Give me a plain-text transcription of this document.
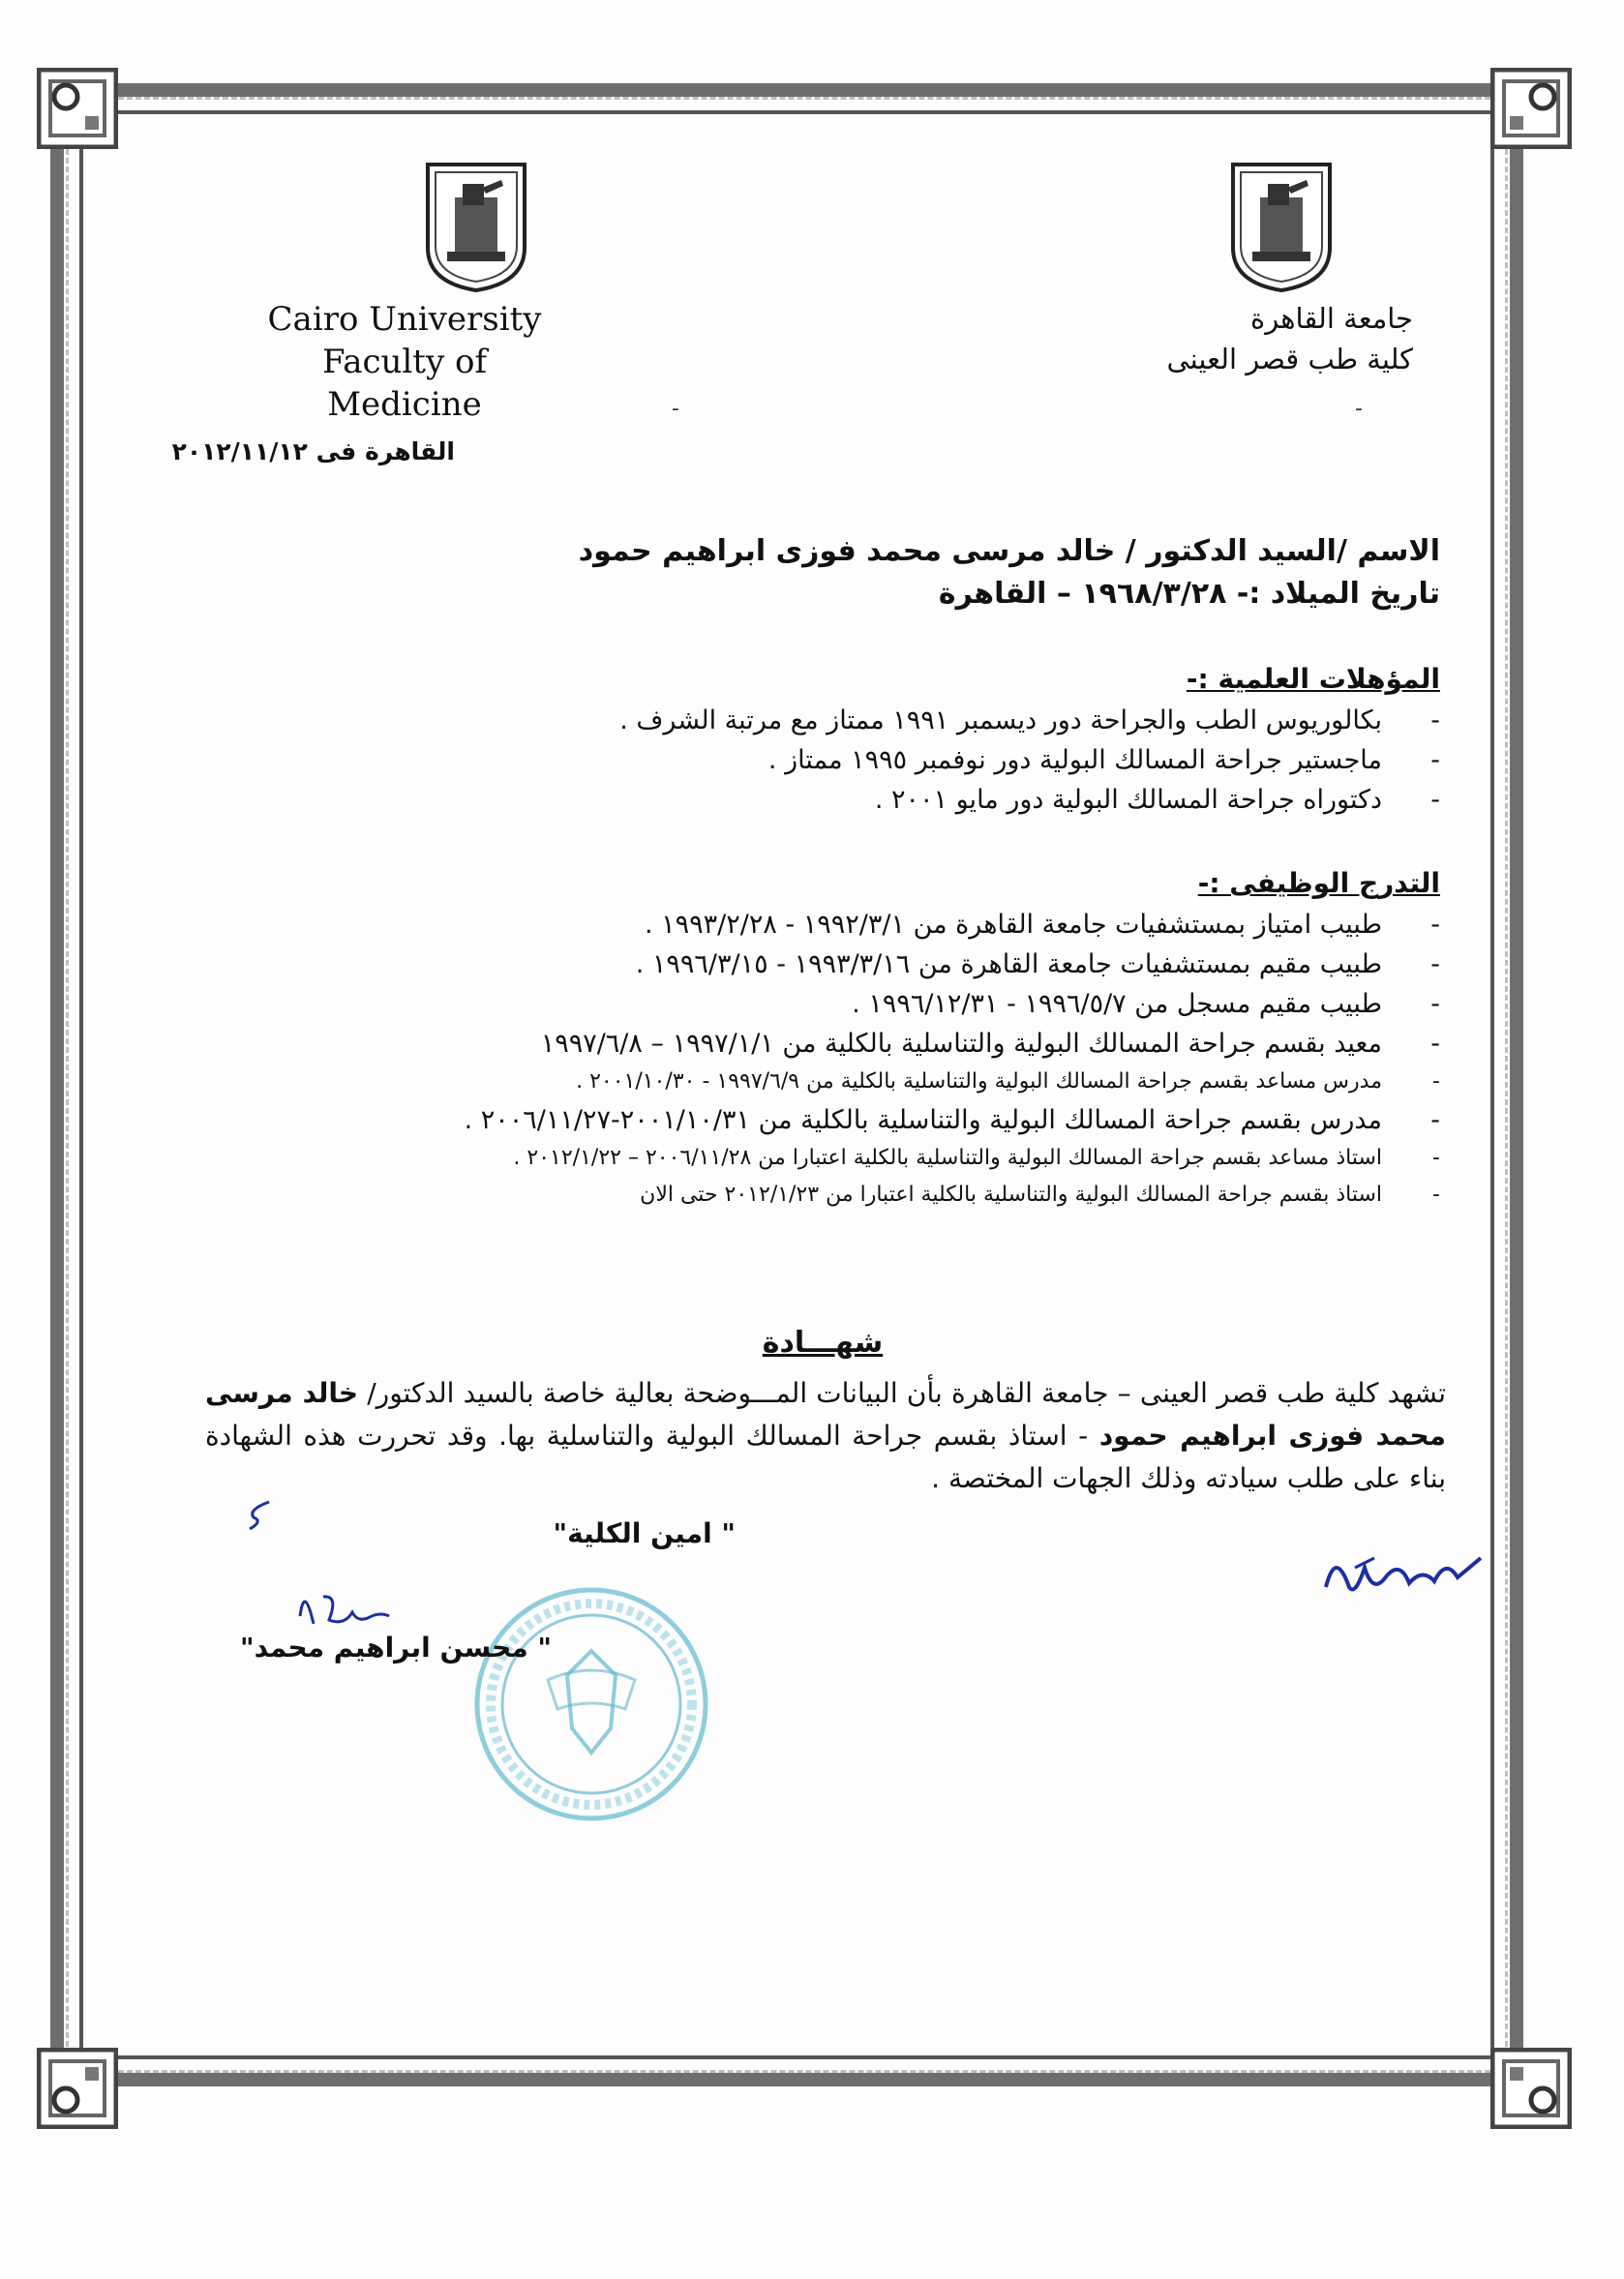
Cairo University
Faculty of Medicine
جامعة القاهرة
كلية طب قصر العينى
-	-
القاهرة فى ٢٠١٢/١١/١٢
الاسم /السيد الدكتور / خالد مرسى محمد فوزى ابراهيم حمود
تاريخ الميلاد :- ١٩٦٨/٣/٢٨ – القاهرة
المؤهلات العلمية :-
-
بكالوريوس الطب والجراحة دور ديسمبر ١٩٩١ ممتاز مع مرتبة الشرف .
-
ماجستير جراحة المسالك البولية دور نوفمبر ١٩٩٥ ممتاز .
-
دكتوراه جراحة المسالك البولية دور مايو ٢٠٠١ .
التدرج الوظيفى :-
-
طبيب امتياز بمستشفيات جامعة القاهرة من ١٩٩٢/٣/١ - ١٩٩٣/٢/٢٨ .
-
طبيب مقيم بمستشفيات جامعة القاهرة من ١٩٩٣/٣/١٦ - ١٩٩٦/٣/١٥ .
-
طبيب مقيم مسجل من ١٩٩٦/٥/٧ - ١٩٩٦/١٢/٣١ .
-
معيد بقسم جراحة المسالك البولية والتناسلية بالكلية من ١٩٩٧/١/١ – ١٩٩٧/٦/٨
-
مدرس مساعد بقسم جراحة المسالك البولية والتناسلية بالكلية من ١٩٩٧/٦/٩ - ٢٠٠١/١٠/٣٠ .
-
مدرس بقسم جراحة المسالك البولية والتناسلية بالكلية من ٢٠٠١/١٠/٣١-٢٠٠٦/١١/٢٧ .
-
استاذ مساعد بقسم جراحة المسالك البولية والتناسلية بالكلية اعتبارا من ٢٠٠٦/١١/٢٨ – ٢٠١٢/١/٢٢ .
-
استاذ بقسم جراحة المسالك البولية والتناسلية بالكلية اعتبارا من ٢٠١٢/١/٢٣ حتى الان
شهـــادة
تشهد كلية طب قصر العينى – جامعة القاهرة بأن البيانات المـــوضحة بعالية خاصة بالسيد الدكتور/ خالد مرسى محمد فوزى ابراهيم حمود - استاذ بقسم جراحة المسالك البولية والتناسلية بها. وقد تحررت هذه الشهادة بناء على طلب سيادته وذلك الجهات المختصة .
" امين الكلية"
" محسن ابراهيم محمد"
